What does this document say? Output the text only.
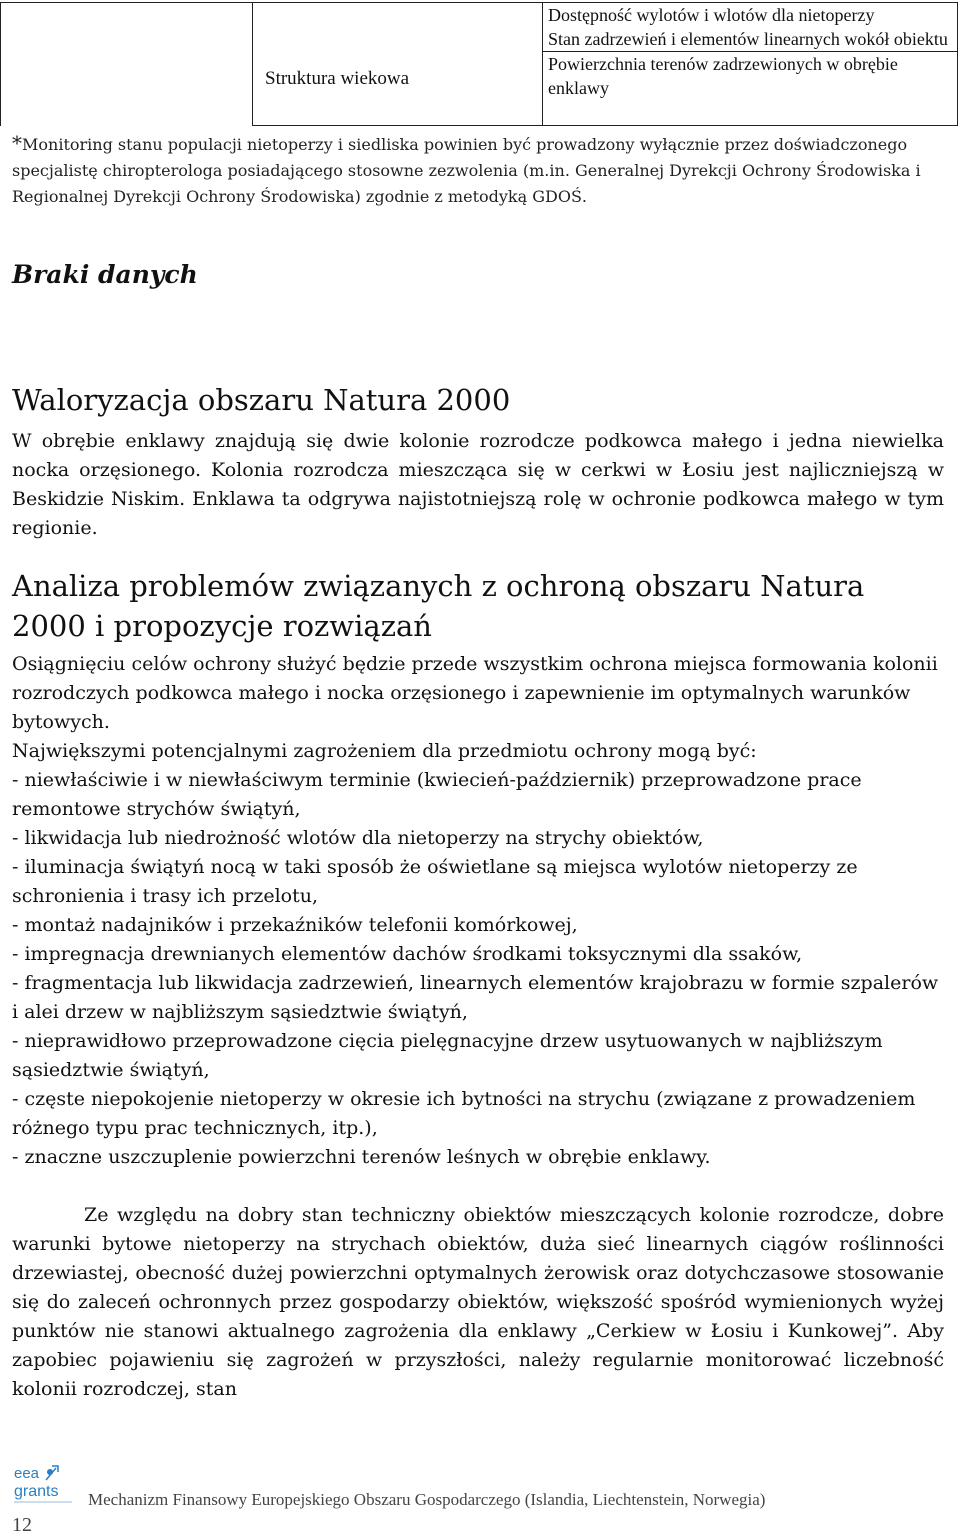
Struktura wiekowa
Dostępność wylotów i wlotów dla nietoperzy
Stan zadrzewień i elementów linearnych wokół obiektu
Powierzchnia terenów zadrzewionych w obrębie enklawy
*Monitoring stanu populacji nietoperzy i siedliska powinien być prowadzony wyłącznie przez doświadczonego specjalistę chiropterologa posiadającego stosowne zezwolenia (m.in. Generalnej Dyrekcji Ochrony Środowiska i Regionalnej Dyrekcji Ochrony Środowiska) zgodnie z metodyką GDOŚ.
Braki danych
Waloryzacja obszaru Natura 2000
W obrębie enklawy znajdują się dwie kolonie rozrodcze podkowca małego i jedna niewielka nocka orzęsionego. Kolonia rozrodcza mieszcząca się w cerkwi w Łosiu jest najliczniejszą w Beskidzie Niskim. Enklawa ta odgrywa najistotniejszą rolę w ochronie podkowca małego w tym regionie.
Analiza problemów związanych z ochroną obszaru Natura 2000 i propozycje rozwiązań

Osiągnięciu celów ochrony służyć będzie przede wszystkim ochrona miejsca formowania kolonii rozrodczych podkowca małego i nocka orzęsionego i zapewnienie im optymalnych warunków bytowych.

Największymi potencjalnymi zagrożeniem dla przedmiotu ochrony mogą być:

- niewłaściwie i w niewłaściwym terminie (kwiecień-październik) przeprowadzone prace remontowe strychów świątyń,
- likwidacja lub niedrożność wlotów dla nietoperzy na strychy obiektów,
- iluminacja świątyń nocą w taki sposób że oświetlane są miejsca wylotów nietoperzy ze schronienia i trasy ich przelotu,
- montaż nadajników i przekaźników telefonii komórkowej,
- impregnacja drewnianych elementów dachów środkami toksycznymi dla ssaków,
- fragmentacja lub likwidacja zadrzewień, linearnych elementów krajobrazu w formie szpalerów i alei drzew w najbliższym sąsiedztwie świątyń,
- nieprawidłowo przeprowadzone cięcia pielęgnacyjne drzew usytuowanych w najbliższym sąsiedztwie świątyń,
- częste niepokojenie nietoperzy w okresie ich bytności na strychu (związane z prowadzeniem różnego typu prac technicznych, itp.),
- znaczne uszczuplenie powierzchni terenów leśnych w obrębie enklawy.
Ze względu na dobry stan techniczny obiektów mieszczących kolonie rozrodcze, dobre warunki bytowe nietoperzy na strychach obiektów, duża sieć linearnych ciągów roślinności drzewiastej, obecność dużej powierzchni optymalnych żerowisk oraz dotychczasowe stosowanie się do zaleceń ochronnych przez gospodarzy obiektów, większość spośród wymienionych wyżej punktów nie stanowi aktualnego zagrożenia dla enklawy „Cerkiew w Łosiu i Kunkowej”. Aby zapobiec pojawieniu się zagrożeń w przyszłości, należy regularnie monitorować liczebność kolonii rozrodczej, stan
eea
grants Mechanizm Finansowy Europejskiego Obszaru Gospodarczego (Islandia, Liechtenstein, Norwegia)
12
